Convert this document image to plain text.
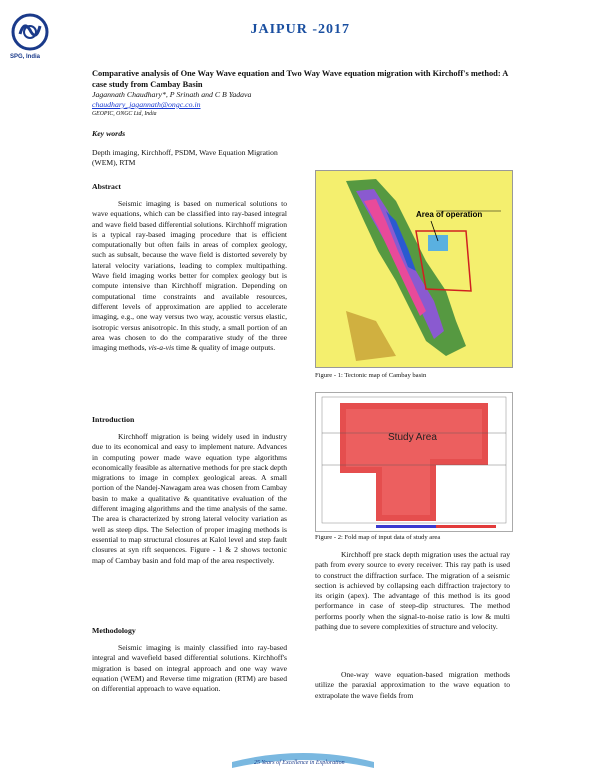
SPG, India
JAIPUR -2017
Comparative analysis of One Way Wave equation and Two Way Wave equation migration with Kirchoff's method: A case study from Cambay Basin
Jagannath Chaudhary*, P Srinath and C B Yadava
chaudhary_jagannath@ongc.co.in
GEOPIC, ONGC Ltd, India
Key words
Depth imaging, Kirchhoff, PSDM, Wave Equation Migration (WEM), RTM
Abstract

Seismic imaging is based on numerical solutions to wave equations, which can be classified into ray-based integral and wave field based differential solutions. Kirchhoff migration is a typical ray-based imaging procedure that is efficient computationally but often fails in areas of complex geology, such as subsalt, because the wave field is distorted severely by lateral velocity variations, leading to complex multipathing. Wave field imaging works better for complex geology but is compute intensive than Kirchhoff migration. Depending on computational time constraints and available resources, different levels of approximation are applied to accelerate imaging, e.g., one way versus two way, acoustic versus elastic, isotropic versus anisotropic. In this study, a small portion of an area was chosen to do the comparative study of the three imaging methods, vis-a-vis time & quality of image outputs.

Introduction

Kirchhoff migration is being widely used in industry due to its economical and easy to implement nature. Advances in computing power made wave equation type algorithms economically feasible as alternative methods for pre stack depth migrations to image in complex geological areas. A small portion of the Nandej-Nawagam area was chosen from Cambay basin to make a qualitative & quantitative evaluation of the different imaging algorithms and the time analysis of the same. The area is characterized by strong lateral velocity variation as well as steep dips. The Selection of proper imaging methods is essential to map structural closures at Kalol level and step fault closures at syn rift sequences. Figure - 1 & 2 shows tectonic map of Cambay basin and fold map of the area respectively.

Methodology

Seismic imaging is mainly classified into ray-based integral and wavefield based differential solutions. Kirchhoff's migration is based on integral approach and one way wave equation (WEM) and Reverse time migration (RTM) are based on differential approach to wave equation.

Area of operation
Figure - 1: Tectonic map of Cambay basin
Study Area
Figure - 2: Fold map of input data of study area

Kirchhoff pre stack depth migration uses the actual ray path from every source to every receiver. This ray path is used to construct the diffraction surface. The migration of a seismic section is achieved by collapsing each diffraction trajectory to its origin (apex). The advantage of this method is its good performance in case of steep-dip structures. The method performs poorly when the signal-to-noise ratio is low & multi pathing due to severe complexities of structure and velocity.

One-way wave equation-based migration methods utilize the paraxial approximation to the wave equation to extrapolate the wave fields from

25 Years of Excellence in Exploration
